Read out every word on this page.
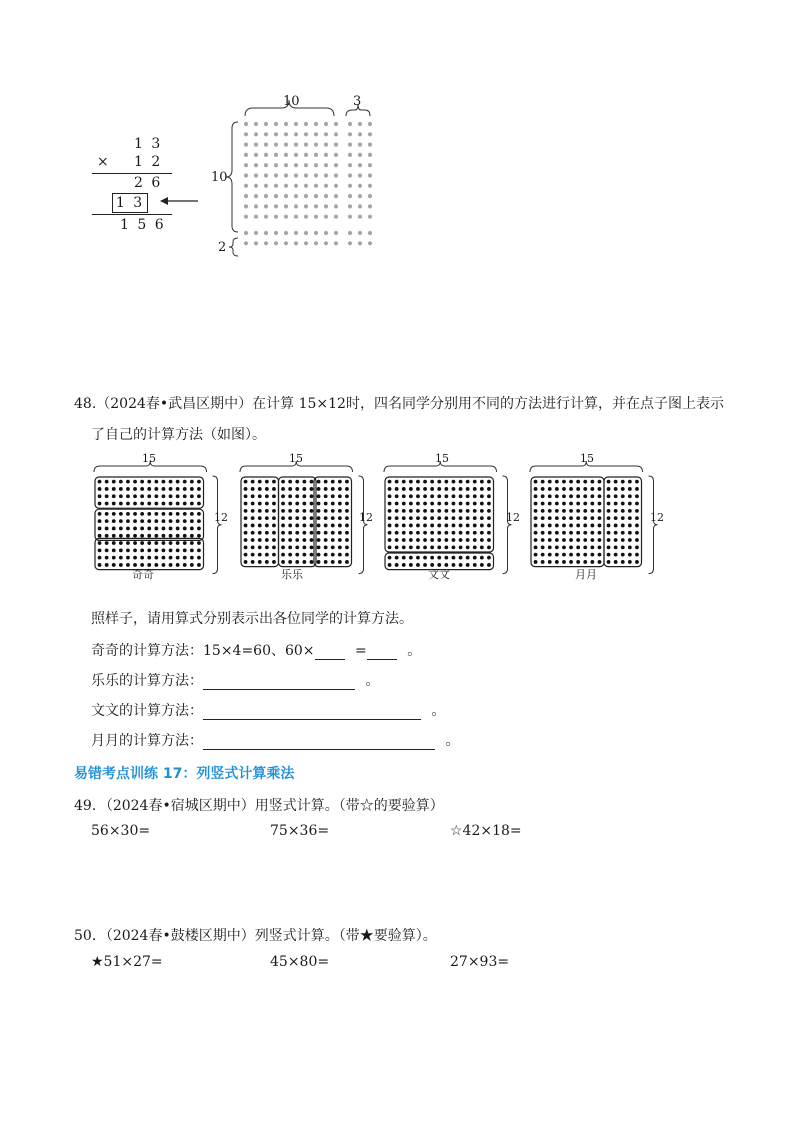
1 3
× 1 2
2 6
1 3
1 5 6
10	3
10
2
48.（2024春•武昌区期中）在计算 15×12时，四名同学分别用不同的方法进行计算，并在点子图上表示
了自己的计算方法（如图）。
奇奇	乐乐	文文	月月
15	15	15	15
12	12	12	12
照样子，请用算式分别表示出各位同学的计算方法。
奇奇的计算方法：15×4=60、60×	=	。
乐乐的计算方法：	。
文文的计算方法：	。
月月的计算方法：	。
易错考点训练 17：列竖式计算乘法
49．（2024春•宿城区期中）用竖式计算。（带☆的要验算）
56×30=	75×36=	☆42×18=
50．（2024春•鼓楼区期中）列竖式计算。（带★要验算）。
★51×27=	45×80=	27×93=
